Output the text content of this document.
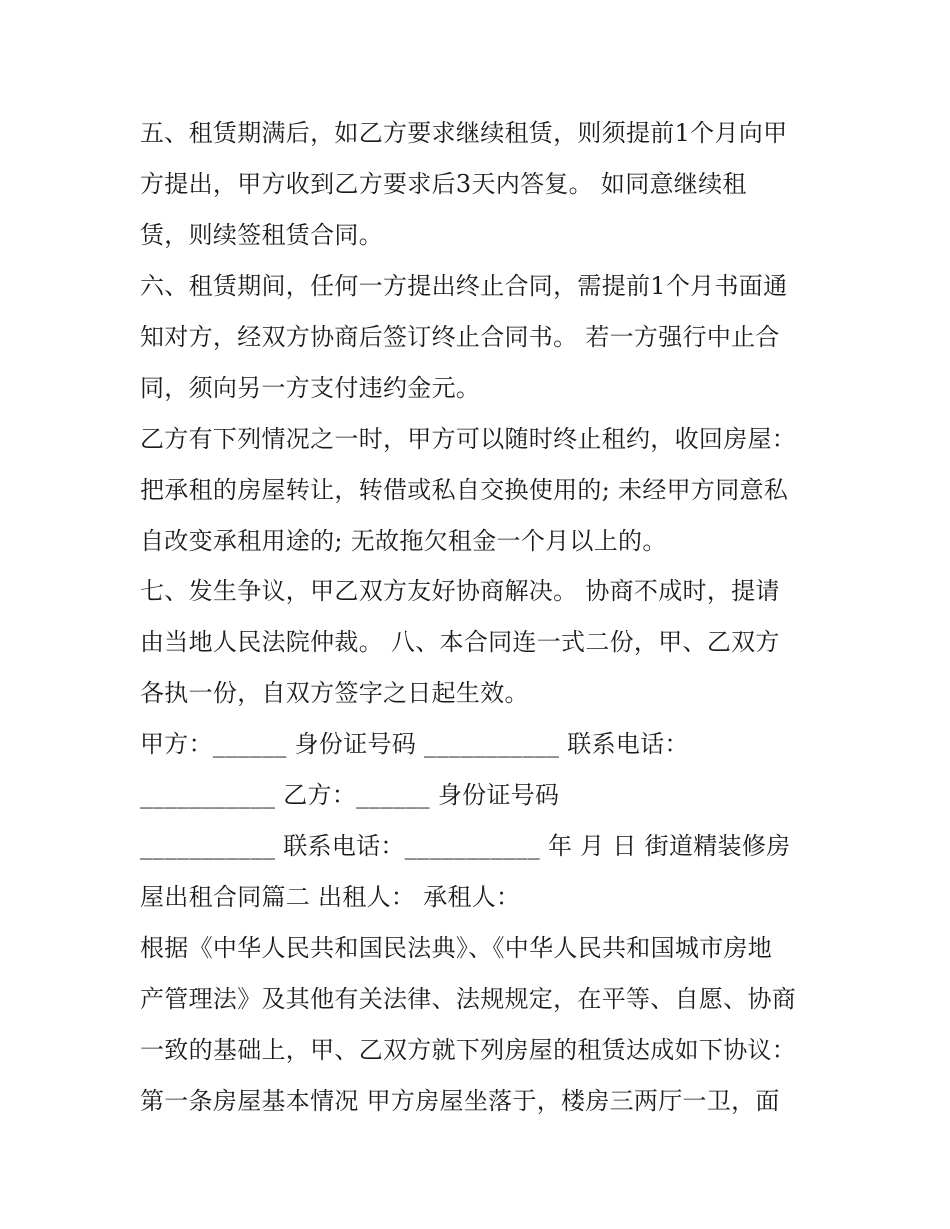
五、租赁期满后，如乙方要求继续租赁，则须提前1个月向甲
方提出，甲方收到乙方要求后3天内答复。 如同意继续租
赁，则续签租赁合同。
六、租赁期间，任何一方提出终止合同，需提前1个月书面通
知对方，经双方协商后签订终止合同书。 若一方强行中止合
同，须向另一方支付违约金元。
乙方有下列情况之一时，甲方可以随时终止租约，收回房屋：
把承租的房屋转让，转借或私自交换使用的; 未经甲方同意私
自改变承租用途的; 无故拖欠租金一个月以上的。
七、发生争议，甲乙双方友好协商解决。 协商不成时，提请
由当地人民法院仲裁。 八、本合同连一式二份，甲、乙双方
各执一份，自双方签字之日起生效。
甲方：______ 身份证号码 ___________ 联系电话：
___________ 乙方：______ 身份证号码
___________ 联系电话：___________ 年 月 日 街道精装修房
屋出租合同篇二 出租人： 承租人：
根据《中华人民共和国民法典》、《中华人民共和国城市房地
产管理法》及其他有关法律、法规规定，在平等、自愿、协商
一致的基础上，甲、乙双方就下列房屋的租赁达成如下协议：
第一条房屋基本情况 甲方房屋坐落于，楼房三两厅一卫，面
